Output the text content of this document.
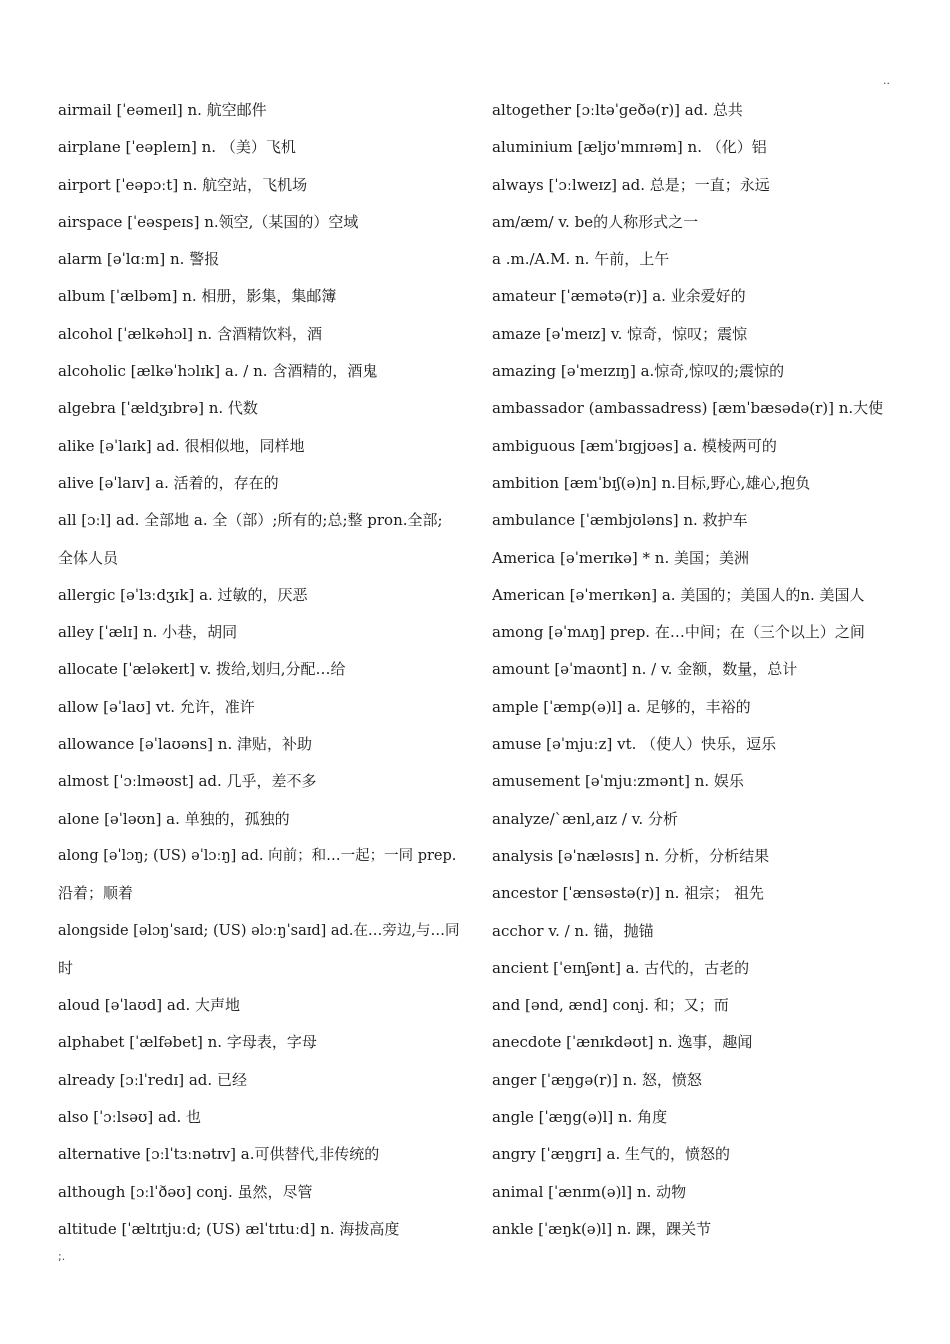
..
airmail [ˈeəmeɪl] n. 航空邮件
airplane [ˈeəpleɪn] n. （美）飞机
airport [ˈeəpɔːt] n. 航空站，飞机场
airspace [ˈeəspeɪs] n.领空,（某国的）空域
alarm [əˈlɑːm] n. 警报
album [ˈælbəm] n. 相册，影集，集邮簿
alcohol [ˈælkəhɔl] n. 含酒精饮料，酒
alcoholic [ælkəˈhɔlɪk] a. / n. 含酒精的，酒鬼
algebra [ˈældʒɪbrə] n. 代数
alike [əˈlaɪk] ad. 很相似地，同样地
alive [əˈlaɪv] a. 活着的，存在的
all [ɔːl] ad. 全部地 a. 全（部）;所有的;总;整 pron.全部;
全体人员
allergic [əˈlɜːdʒɪk] a. 过敏的，厌恶
alley [ˈælɪ] n. 小巷，胡同
allocate [ˈæləkeɪt] v. 拨给,划归,分配…给
allow [əˈlaʊ] vt. 允许，准许
allowance [əˈlaʊəns] n. 津贴，补助
almost [ˈɔːlməʊst] ad. 几乎，差不多
alone [əˈləʊn] a. 单独的，孤独的
along [əˈlɔŋ; (US) əˈlɔːŋ] ad. 向前；和…一起；一同 prep.
沿着；顺着
alongside [əlɔŋˈsaɪd; (US) əlɔːŋˈsaɪd] ad.在…旁边,与…同
时
aloud [əˈlaʊd] ad. 大声地
alphabet [ˈælfəbet] n. 字母表，字母
already [ɔːlˈredɪ] ad. 已经
also [ˈɔːlsəʊ] ad. 也
alternative [ɔːlˈtɜːnətɪv] a.可供替代,非传统的
although [ɔːlˈðəʊ] conj. 虽然，尽管
altitude [ˈæltɪtjuːd; (US) ælˈtɪtuːd] n. 海拔高度
altogether [ɔːltəˈgeðə(r)] ad. 总共
aluminium [æljʊˈmɪnɪəm] n. （化）铝
always [ˈɔːlweɪz] ad. 总是；一直；永远
am/æm/ v. be的人称形式之一
a .m./A.M. n. 午前，上午
amateur [ˈæmətə(r)] a. 业余爱好的
amaze [əˈmeɪz] v. 惊奇，惊叹；震惊
amazing [əˈmeɪzɪŋ] a.惊奇,惊叹的;震惊的
ambassador (ambassadress) [æmˈbæsədə(r)] n.大使
ambiguous [æmˈbɪgjʊəs] a. 模棱两可的
ambition [æmˈbɪʃ(ə)n] n.目标,野心,雄心,抱负
ambulance [ˈæmbjʊləns] n. 救护车
America [əˈmerɪkə] * n. 美国；美洲
American [əˈmerɪkən] a. 美国的；美国人的n. 美国人
among [əˈmʌŋ] prep. 在…中间；在（三个以上）之间
amount [əˈmaʊnt] n. / v. 金额，数量，总计
ample [ˈæmp(ə)l] a. 足够的，丰裕的
amuse [əˈmjuːz] vt. （使人）快乐，逗乐
amusement [əˈmjuːzmənt] n. 娱乐
analyze/ˋænl,aɪz / v. 分析
analysis [əˈnæləsɪs] n. 分析，分析结果
ancestor [ˈænsəstə(r)] n. 祖宗； 祖先
acchor v. / n. 锚，抛锚
ancient [ˈeɪnʃənt] a. 古代的，古老的
and [ənd, ænd] conj. 和；又；而
anecdote [ˈænɪkdəʊt] n. 逸事，趣闻
anger [ˈæŋgə(r)] n. 怒，愤怒
angle [ˈæŋg(ə)l] n. 角度
angry [ˈæŋgrɪ] a. 生气的，愤怒的
animal [ˈænɪm(ə)l] n. 动物
ankle [ˈæŋk(ə)l] n. 踝，踝关节
;.
